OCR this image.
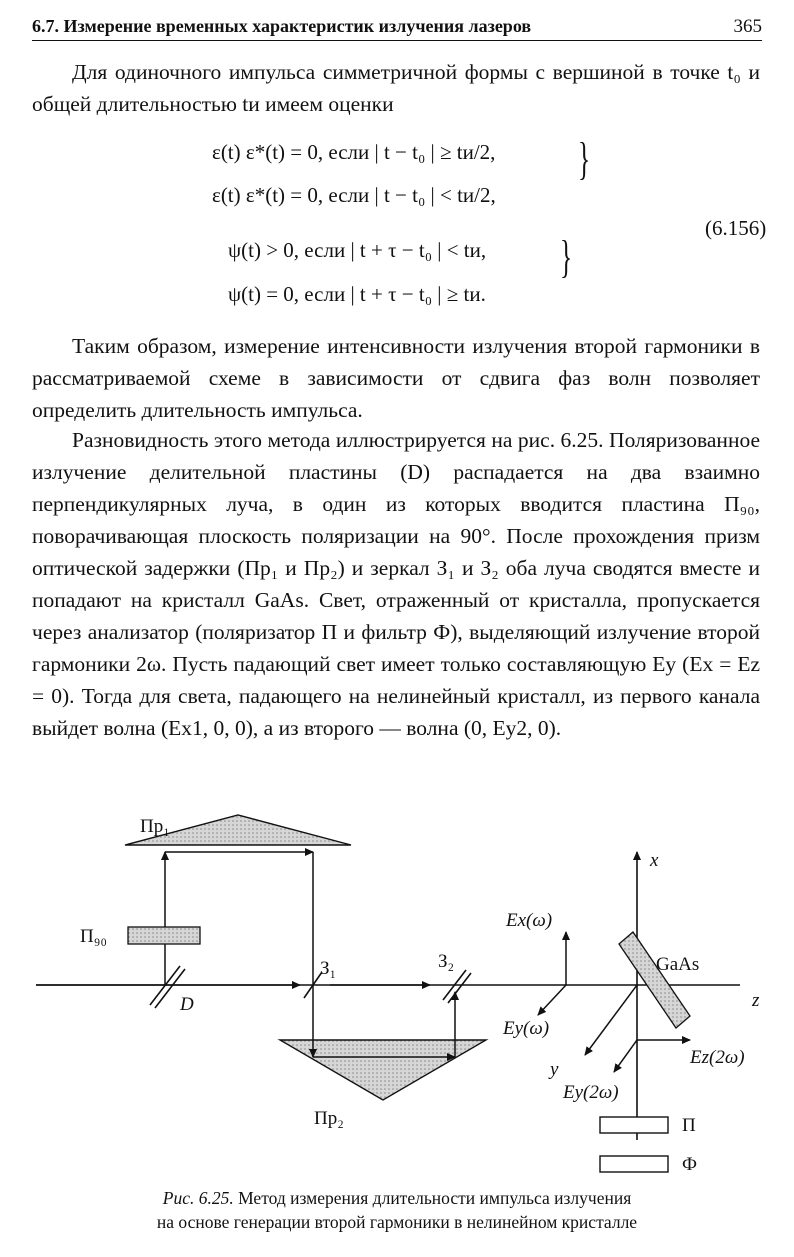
6.7. Измерение временных характеристик излучения лазеров	365
Для одиночного импульса симметричной формы с вершиной в точке t₀ и общей длительностью tи имеем оценки
ε(t) ε*(t) = 0, если | t − t₀ | ≥ tи/2,
ε(t) ε*(t) = 0, если | t − t₀ | < tи/2,
ψ(t) > 0, если | t + τ − t₀ | < tи,
ψ(t) = 0, если | t + τ − t₀ | ≥ tи.
}
}
(6.156)
Таким образом, измерение интенсивности излучения второй гармоники в рассматриваемой схеме в зависимости от сдвига фаз волн позволяет определить длительность импульса.
Разновидность этого метода иллюстрируется на рис. 6.25. Поляризованное излучение делительной пластины (D) распадается на два взаимно перпендикулярных луча, в один из которых вводится пластина П₉₀, поворачивающая плоскость поляризации на 90°. После прохождения призм оптической задержки (Пр₁ и Пр₂) и зеркал З₁ и З₂ оба луча сводятся вместе и попадают на кристалл GaAs. Свет, отраженный от кристалла, пропускается через анализатор (поляризатор П и фильтр Ф), выделяющий излучение второй гармоники 2ω. Пусть падающий свет имеет только составляющую Ey (Ex = Ez = 0). Тогда для света, падающего на нелинейный кристалл, из первого канала выйдет волна (Ex1, 0, 0), а из второго — волна (0, Ey2, 0).
Пр₁
Пр₂
П₉₀
D
З₁	З₂	GaAs
x
y
z
Ex(ω)
Ey(ω)
Ez(2ω)
Ey(2ω)
П
Ф
Рис. 6.25. Метод измерения длительности импульса излучения
на основе генерации второй гармоники в нелинейном кристалле
